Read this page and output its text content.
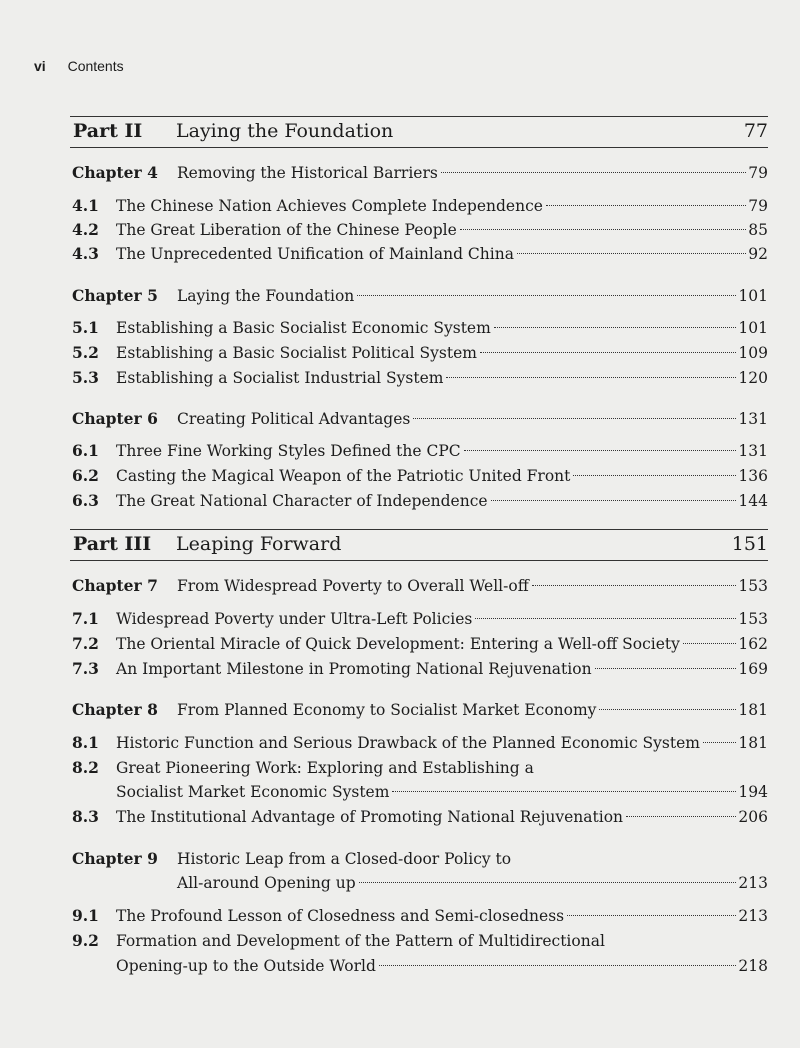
vi Contents
Part II Laying the Foundation	77
Chapter 4 Removing the Historical Barriers	79
4.1 The Chinese Nation Achieves Complete Independence	79
4.2 The Great Liberation of the Chinese People	85
4.3 The Unprecedented Unification of Mainland China	92
Chapter 5 Laying the Foundation	101
5.1 Establishing a Basic Socialist Economic System	101
5.2 Establishing a Basic Socialist Political System	109
5.3 Establishing a Socialist Industrial System	120
Chapter 6 Creating Political Advantages	131
6.1 Three Fine Working Styles Defined the CPC	131
6.2 Casting the Magical Weapon of the Patriotic United Front	136
6.3 The Great National Character of Independence	144
Part III Leaping Forward	151
Chapter 7 From Widespread Poverty to Overall Well-off	153
7.1 Widespread Poverty under Ultra-Left Policies	153
7.2 The Oriental Miracle of Quick Development: Entering a Well-off Society	162
7.3 An Important Milestone in Promoting National Rejuvenation	169
Chapter 8 From Planned Economy to Socialist Market Economy	181
8.1 Historic Function and Serious Drawback of the Planned Economic System 181
8.2 Great Pioneering Work: Exploring and Establishing a
Socialist Market Economic System	194
8.3 The Institutional Advantage of Promoting National Rejuvenation	206
Chapter 9 Historic Leap from a Closed-door Policy to
All-around Opening up	213
9.1 The Profound Lesson of Closedness and Semi-closedness	213
9.2 Formation and Development of the Pattern of Multidirectional
Opening-up to the Outside World	218
